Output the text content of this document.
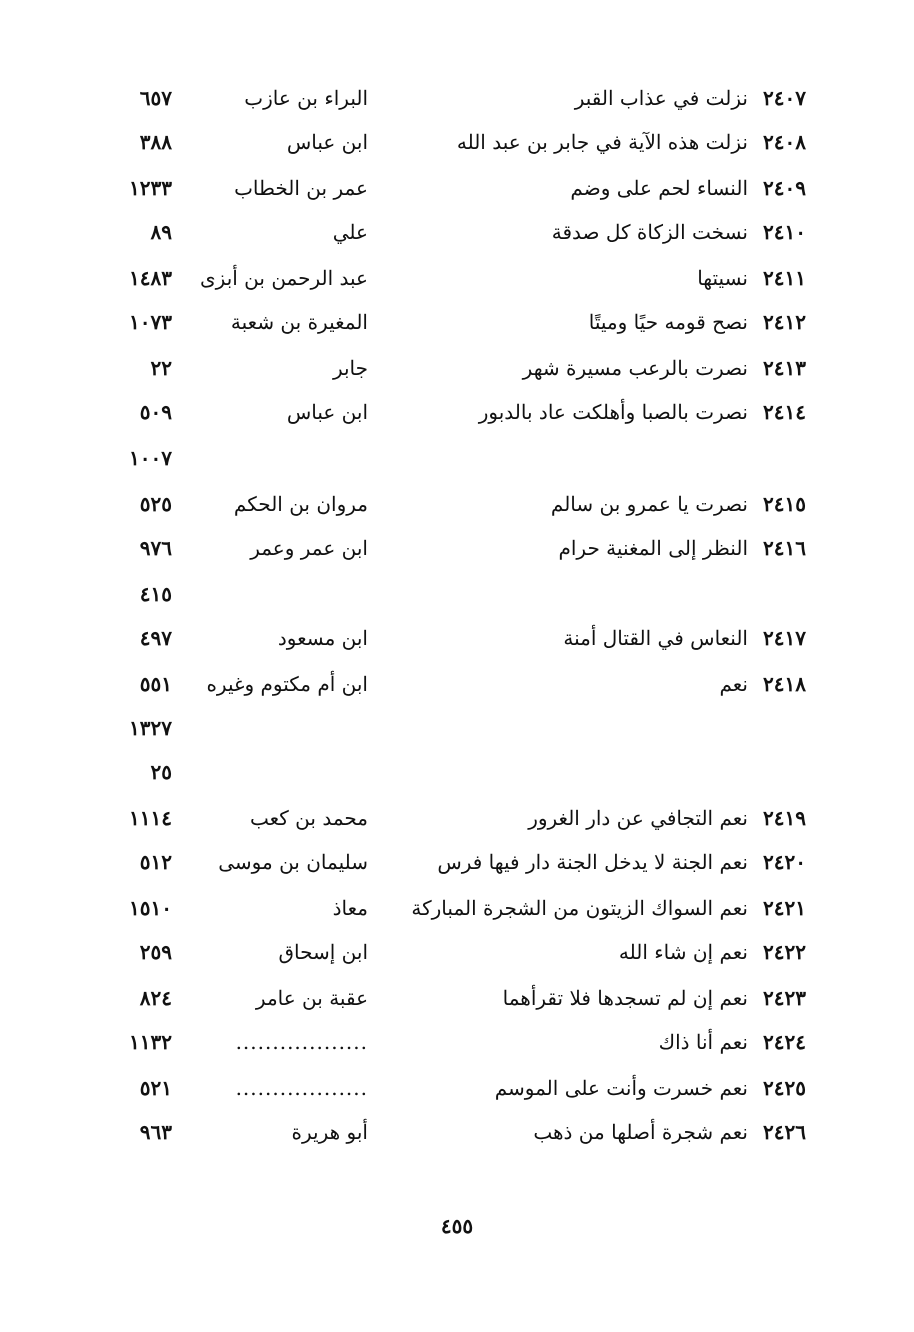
٢٤٠٧
نزلت في عذاب القبر
البراء بن عازب
٦٥٧
٢٤٠٨
نزلت هذه الآية في جابر بن عبد الله
ابن عباس
٣٨٨
٢٤٠٩
النساء لحم على وضم
عمر بن الخطاب
١٢٣٣
٢٤١٠
نسخت الزكاة كل صدقة
علي
٨٩
٢٤١١
نسيتها
عبد الرحمن بن أبزى
١٤٨٣
٢٤١٢
نصح قومه حيًا وميتًا
المغيرة بن شعبة
١٠٧٣
٢٤١٣
نصرت بالرعب مسيرة شهر
جابر
٢٢
٢٤١٤
نصرت بالصبا وأهلكت عاد بالدبور
ابن عباس
٥٠٩
١٠٠٧
٢٤١٥
نصرت يا عمرو بن سالم
مروان بن الحكم
٥٢٥
٢٤١٦
النظر إلى المغنية حرام
ابن عمر وعمر
٩٧٦
٤١٥
٢٤١٧
النعاس في القتال أمنة
ابن مسعود
٤٩٧
٢٤١٨
نعم
ابن أم مكتوم وغيره
٥٥١
١٣٢٧
٢٥
٢٤١٩
نعم التجافي عن دار الغرور
محمد بن كعب
١١١٤
٢٤٢٠
نعم الجنة لا يدخل الجنة دار فيها فرس
سليمان بن موسى
٥١٢
٢٤٢١
نعم السواك الزيتون من الشجرة المباركة
معاذ
١٥١٠
٢٤٢٢
نعم إن شاء الله
ابن إسحاق
٢٥٩
٢٤٢٣
نعم إن لم تسجدها فلا تقرأهما
عقبة بن عامر
٨٢٤
٢٤٢٤
نعم أنا ذاك
..................
١١٣٢
٢٤٢٥
نعم خسرت وأنت على الموسم
..................
٥٢١
٢٤٢٦
نعم شجرة أصلها من ذهب
أبو هريرة
٩٦٣
٤٥٥
